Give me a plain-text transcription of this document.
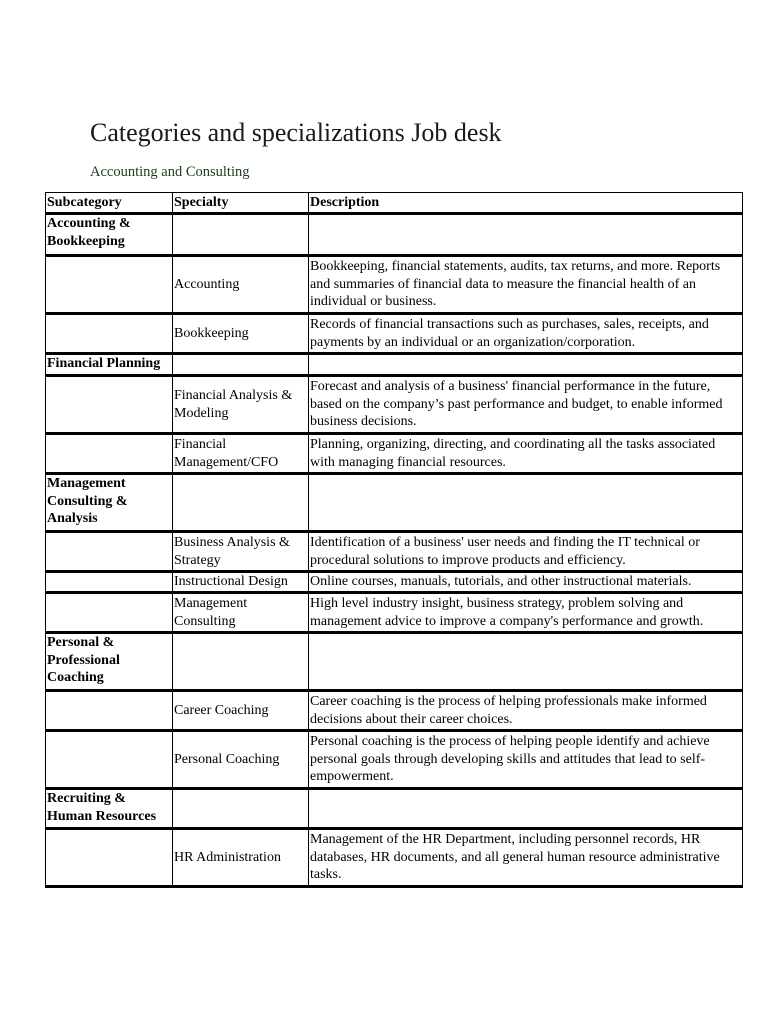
Categories and specializations Job desk
Accounting and Consulting
Subcategory	Specialty	Description
Accounting & Bookkeeping		
	Accounting	Bookkeeping, financial statements, audits, tax returns, and more. Reports and summaries of financial data to measure the financial health of an individual or business.
	Bookkeeping	Records of financial transactions such as purchases, sales, receipts, and payments by an individual or an organization/corporation.
Financial Planning		
	Financial Analysis & Modeling	Forecast and analysis of a business' financial performance in the future, based on the company’s past performance and budget, to enable informed business decisions.
	Financial Management/CFO	Planning, organizing, directing, and coordinating all the tasks associated with managing financial resources.
Management Consulting & Analysis		
	Business Analysis & Strategy	Identification of a business' user needs and finding the IT technical or procedural solutions to improve products and efficiency.
	Instructional Design	Online courses, manuals, tutorials, and other instructional materials.
	Management Consulting	High level industry insight, business strategy, problem solving and management advice to improve a company's performance and growth.
Personal & Professional Coaching		
	Career Coaching	Career coaching is the process of helping professionals make informed decisions about their career choices.
	Personal Coaching	Personal coaching is the process of helping people identify and achieve personal goals through developing skills and attitudes that lead to self-empowerment.
Recruiting & Human Resources		
	HR Administration	Management of the HR Department, including personnel records, HR databases, HR documents, and all general human resource administrative tasks.
